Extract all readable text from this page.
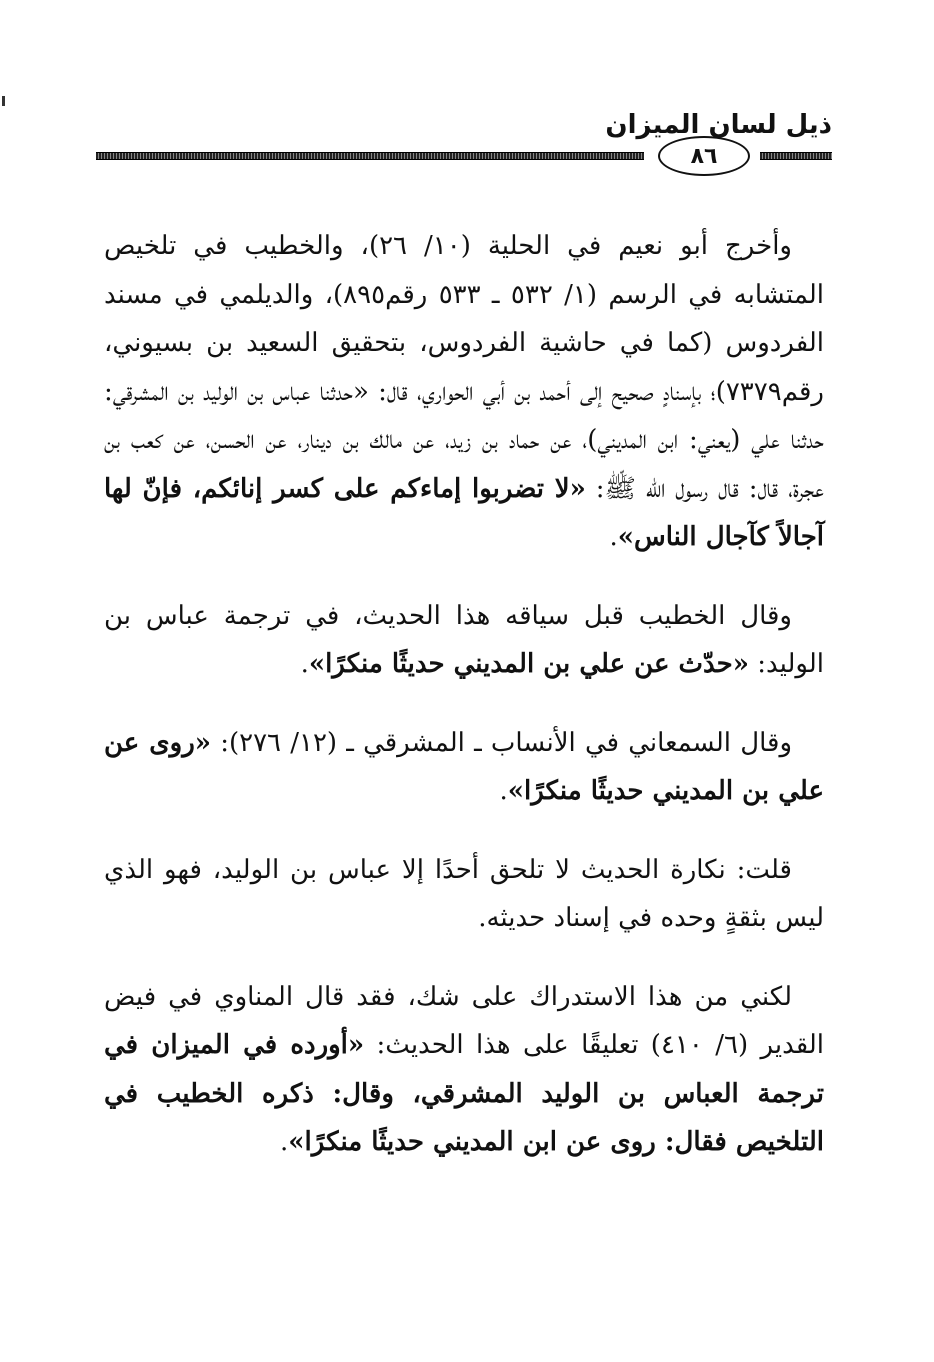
٨٦
ذيل لسان الميزان

وأخرج أبو نعيم في الحلية (١٠/ ٢٦)، والخطيب في تلخيص المتشابه في الرسم (١/ ٥٣٢ ـ ٥٣٣ رقم٨٩٥)، والديلمي في مسند الفردوس (كما في حاشية الفردوس، بتحقيق السعيد بن بسيوني، رقم٧٣٧٩)؛ بإسنادٍ صحيح إلى أحمد بن أبي الحواري، قال: «حدثنا عباس بن الوليد بن المشرقي: حدثنا علي (يعني: ابن المديني)، عن حماد بن زيد، عن مالك بن دينار، عن الحسن، عن كعب بن عجرة، قال: قال رسول الله ﷺ: «لا تضربوا إماءكم على كسر إنائكم، فإنّ لها آجالاً كآجال الناس».

وقال الخطيب قبل سياقه هذا الحديث، في ترجمة عباس بن الوليد: «حدّث عن علي بن المديني حديثًا منكرًا».

وقال السمعاني في الأنساب ـ المشرقي ـ (١٢/ ٢٧٦): «روى عن علي بن المديني حديثًا منكرًا».

قلت: نكارة الحديث لا تلحق أحدًا إلا عباس بن الوليد، فهو الذي ليس بثقةٍ وحده في إسناد حديثه.

لكني من هذا الاستدراك على شك، فقد قال المناوي في فيض القدير (٦/ ٤١٠) تعليقًا على هذا الحديث: «أورده في الميزان في ترجمة العباس بن الوليد المشرقي، وقال: ذكره الخطيب في التلخيص فقال: روى عن ابن المديني حديثًا منكرًا».
